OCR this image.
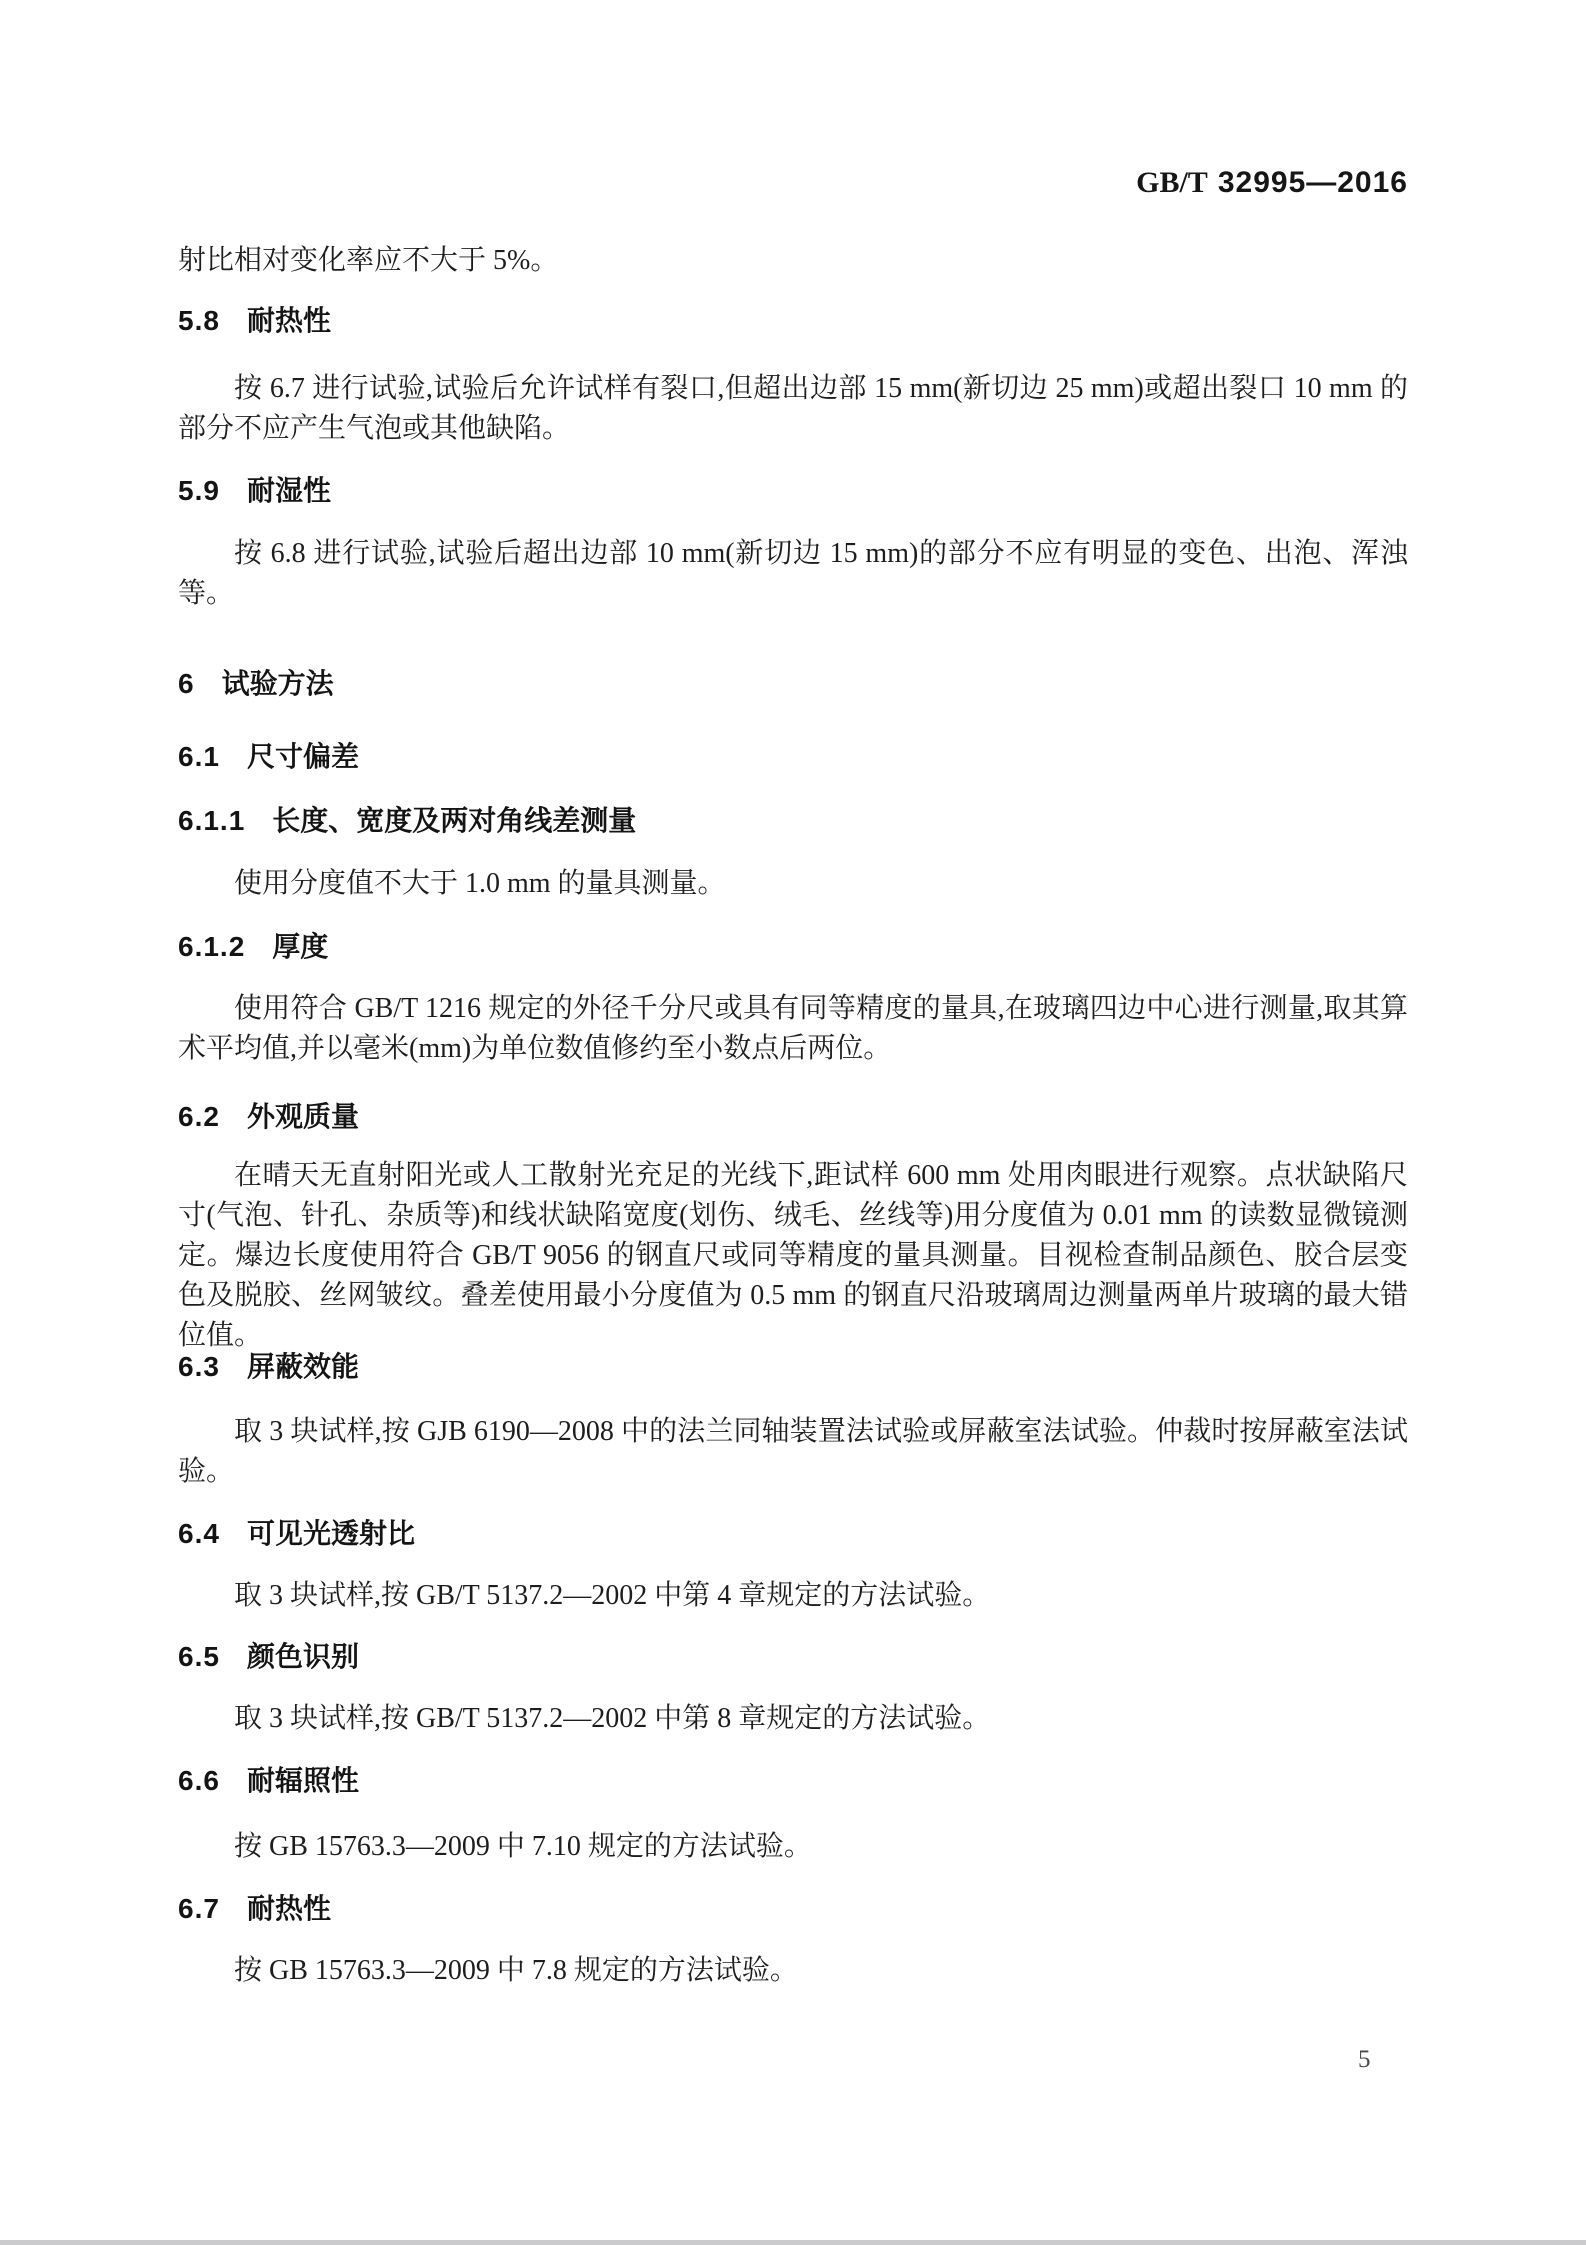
GB/T 32995—2016
射比相对变化率应不大于 5%。
5.8 耐热性
按 6.7 进行试验,试验后允许试样有裂口,但超出边部 15 mm(新切边 25 mm)或超出裂口 10 mm 的部分不应产生气泡或其他缺陷。
5.9 耐湿性
按 6.8 进行试验,试验后超出边部 10 mm(新切边 15 mm)的部分不应有明显的变色、出泡、浑浊等。
6 试验方法
6.1 尺寸偏差
6.1.1 长度、宽度及两对角线差测量
使用分度值不大于 1.0 mm 的量具测量。
6.1.2 厚度
使用符合 GB/T 1216 规定的外径千分尺或具有同等精度的量具,在玻璃四边中心进行测量,取其算术平均值,并以毫米(mm)为单位数值修约至小数点后两位。
6.2 外观质量
在晴天无直射阳光或人工散射光充足的光线下,距试样 600 mm 处用肉眼进行观察。点状缺陷尺寸(气泡、针孔、杂质等)和线状缺陷宽度(划伤、绒毛、丝线等)用分度值为 0.01 mm 的读数显微镜测定。爆边长度使用符合 GB/T 9056 的钢直尺或同等精度的量具测量。目视检查制品颜色、胶合层变色及脱胶、丝网皱纹。叠差使用最小分度值为 0.5 mm 的钢直尺沿玻璃周边测量两单片玻璃的最大错位值。
6.3 屏蔽效能
取 3 块试样,按 GJB 6190—2008 中的法兰同轴装置法试验或屏蔽室法试验。仲裁时按屏蔽室法试验。
6.4 可见光透射比
取 3 块试样,按 GB/T 5137.2—2002 中第 4 章规定的方法试验。
6.5 颜色识别
取 3 块试样,按 GB/T 5137.2—2002 中第 8 章规定的方法试验。
6.6 耐辐照性
按 GB 15763.3—2009 中 7.10 规定的方法试验。
6.7 耐热性
按 GB 15763.3—2009 中 7.8 规定的方法试验。
5
